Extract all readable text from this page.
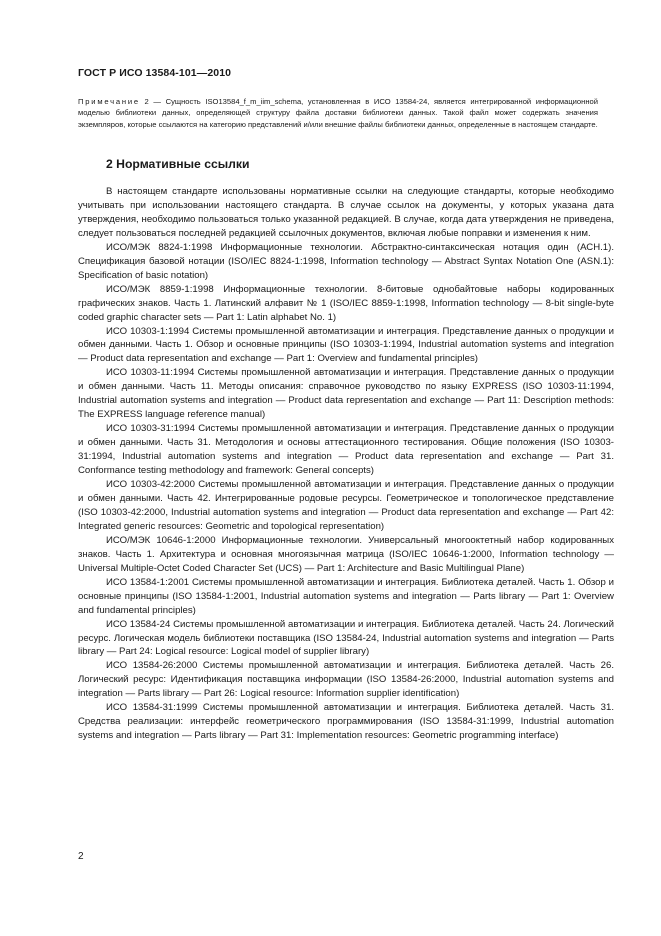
ГОСТ Р ИСО 13584-101—2010
Примечание 2 — Сущность ISO13584_f_m_iim_schema, установленная в ИСО 13584-24, является интегрированной информационной моделью библиотеки данных, определяющей структуру файла доставки библиотеки данных. Такой файл может содержать значения экземпляров, которые ссылаются на категорию представлений и/или внешние файлы библиотеки данных, определенные в настоящем стандарте.
2 Нормативные ссылки

В настоящем стандарте использованы нормативные ссылки на следующие стандарты, которые необходимо учитывать при использовании настоящего стандарта. В случае ссылок на документы, у которых указана дата утверждения, необходимо пользоваться только указанной редакцией. В случае, когда дата утверждения не приведена, следует пользоваться последней редакцией ссылочных документов, включая любые поправки и изменения к ним.

ИСО/МЭК 8824-1:1998 Информационные технологии. Абстрактно-синтаксическая нотация один (АСН.1). Спецификация базовой нотации (ISO/IEC 8824-1:1998, Information technology — Abstract Syntax Notation One (ASN.1): Specification of basic notation)

ИСО/МЭК 8859-1:1998 Информационные технологии. 8-битовые однобайтовые наборы кодированных графических знаков. Часть 1. Латинский алфавит № 1 (ISO/IEC 8859-1:1998, Information technology — 8-bit single-byte coded graphic character sets — Part 1: Latin alphabet No. 1)

ИСО 10303-1:1994 Системы промышленной автоматизации и интеграция. Представление данных о продукции и обмен данными. Часть 1. Обзор и основные принципы (ISO 10303-1:1994, Industrial automation systems and integration — Product data representation and exchange — Part 1: Overview and fundamental principles)

ИСО 10303-11:1994 Системы промышленной автоматизации и интеграция. Представление данных о продукции и обмен данными. Часть 11. Методы описания: справочное руководство по языку EXPRESS (ISO 10303-11:1994, Industrial automation systems and integration — Product data representation and exchange — Part 11: Description methods: The EXPRESS language reference manual)

ИСО 10303-31:1994 Системы промышленной автоматизации и интеграция. Представление данных о продукции и обмен данными. Часть 31. Методология и основы аттестационного тестирования. Общие положения (ISO 10303-31:1994, Industrial automation systems and integration — Product data representation and exchange — Part 31. Conformance testing methodology and framework: General concepts)

ИСО 10303-42:2000 Системы промышленной автоматизации и интеграция. Представление данных о продукции и обмен данными. Часть 42. Интегрированные родовые ресурсы. Геометрическое и топологическое представление (ISO 10303-42:2000, Industrial automation systems and integration — Product data representation and exchange — Part 42: Integrated generic resources: Geometric and topological representation)

ИСО/МЭК 10646-1:2000 Информационные технологии. Универсальный многооктетный набор кодированных знаков. Часть 1. Архитектура и основная многоязычная матрица (ISO/IEC 10646-1:2000, Information technology — Universal Multiple-Octet Coded Character Set (UCS) — Part 1: Architecture and Basic Multilingual Plane)

ИСО 13584-1:2001 Системы промышленной автоматизации и интеграция. Библиотека деталей. Часть 1. Обзор и основные принципы (ISO 13584-1:2001, Industrial automation systems and integration — Parts library — Part 1: Overview and fundamental principles)

ИСО 13584-24 Системы промышленной автоматизации и интеграция. Библиотека деталей. Часть 24. Логический ресурс. Логическая модель библиотеки поставщика (ISO 13584-24, Industrial automation systems and integration — Parts library — Part 24: Logical resource: Logical model of supplier library)

ИСО 13584-26:2000 Системы промышленной автоматизации и интеграция. Библиотека деталей. Часть 26. Логический ресурс: Идентификация поставщика информации (ISO 13584-26:2000, Industrial automation systems and integration — Parts library — Part 26: Logical resource: Information supplier identification)

ИСО 13584-31:1999 Системы промышленной автоматизации и интеграция. Библиотека деталей. Часть 31. Средства реализации: интерфейс геометрического программирования (ISO 13584-31:1999, Industrial automation systems and integration — Parts library — Part 31: Implementation resources: Geometric programming interface)

2
